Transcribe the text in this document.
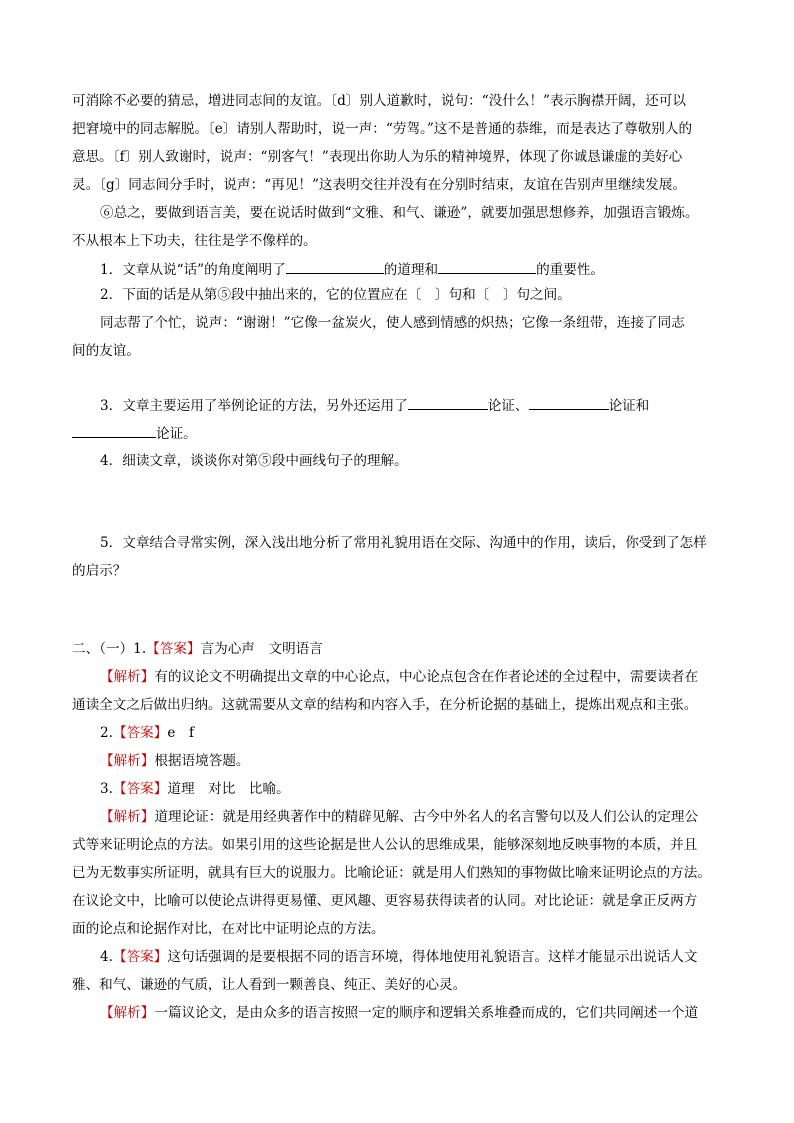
可消除不必要的猜忌，增进同志间的友谊。〔d〕别人道歉时，说句：“没什么！”表示胸襟开阔，还可以
把窘境中的同志解脱。〔e〕请别人帮助时，说一声：“劳驾。”这不是普通的恭维，而是表达了尊敬别人的
意思。〔f〕别人致谢时，说声：“别客气！”表现出你助人为乐的精神境界，体现了你诚恳谦虚的美好心
灵。〔g〕同志间分手时，说声：“再见！”这表明交往并没有在分别时结束，友谊在告别声里继续发展。
⑥总之，要做到语言美，要在说话时做到“文雅、和气、谦逊”，就要加强思想修养，加强语言锻炼。
不从根本上下功夫，往往是学不像样的。
1．文章从说“话”的角度阐明了	的道理和	的重要性。
2．下面的话是从第⑤段中抽出来的，它的位置应在〔　〕句和〔　〕句之间。
同志帮了个忙，说声：“谢谢！”它像一盆炭火，使人感到情感的炽热；它像一条纽带，连接了同志
间的友谊。
3．文章主要运用了举例论证的方法，另外还运用了	论证、	论证和
论证。
4．细读文章，谈谈你对第⑤段中画线句子的理解。
5．文章结合寻常实例，深入浅出地分析了常用礼貌用语在交际、沟通中的作用，读后，你受到了怎样
的启示？
二、（一）1.【答案】言为心声　文明语言
【解析】有的议论文不明确提出文章的中心论点，中心论点包含在作者论述的全过程中，需要读者在
通读全文之后做出归纳。这就需要从文章的结构和内容入手，在分析论据的基础上，提炼出观点和主张。
2.【答案】e　f
【解析】根据语境答题。
3.【答案】道理　对比　比喻。
【解析】道理论证：就是用经典著作中的精辟见解、古今中外名人的名言警句以及人们公认的定理公
式等来证明论点的方法。如果引用的这些论据是世人公认的思维成果，能够深刻地反映事物的本质，并且
已为无数事实所证明，就具有巨大的说服力。比喻论证：就是用人们熟知的事物做比喻来证明论点的方法。
在议论文中，比喻可以使论点讲得更易懂、更风趣、更容易获得读者的认同。对比论证：就是拿正反两方
面的论点和论据作对比，在对比中证明论点的方法。
4.【答案】这句话强调的是要根据不同的语言环境，得体地使用礼貌语言。这样才能显示出说话人文
雅、和气、谦逊的气质，让人看到一颗善良、纯正、美好的心灵。
【解析】一篇议论文，是由众多的语言按照一定的顺序和逻辑关系堆叠而成的，它们共同阐述一个道
